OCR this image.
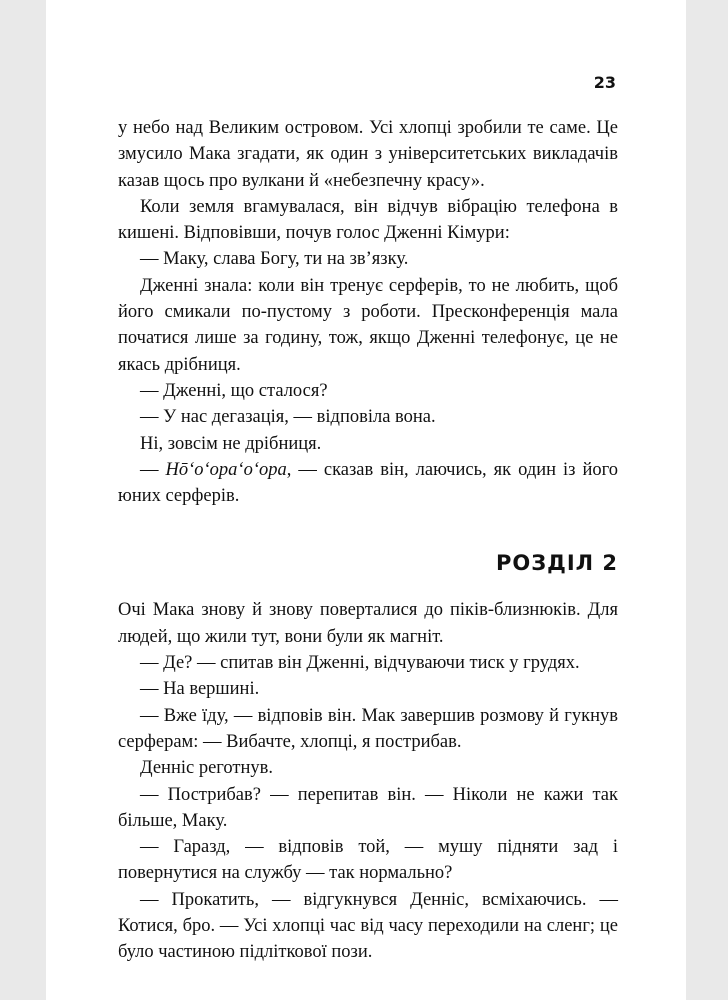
23

у небо над Великим островом. Усі хлопці зробили те саме. Це змусило Мака згадати, як один з університетських викладачів казав щось про вулкани й «небезпечну красу».

Коли земля вгамувалася, він відчув вібрацію телефона в кишені. Відповівши, почув голос Дженні Кімури:

— Маку, слава Богу, ти на зв’язку.

Дженні знала: коли він тренує серферів, то не любить, щоб його смикали по-пустому з роботи. Пресконференція мала початися лише за годину, тож, якщо Дженні телефонує, це не якась дрібниця.

— Дженні, що сталося?

— У нас дегазація, — відповіла вона.

Ні, зовсім не дрібниця.

— Hōʻoʻopaʻoʻopa, — сказав він, лаючись, як один із його юних серферів.

РОЗДІЛ 2

Очі Мака знову й знову поверталися до піків-близнюків. Для людей, що жили тут, вони були як магніт.

— Де? — спитав він Дженні, відчуваючи тиск у грудях.

— На вершині.

— Вже їду, — відповів він. Мак завершив розмову й гукнув серферам: — Вибачте, хлопці, я пострибав.

Денніс реготнув.

— Пострибав? — перепитав він. — Ніколи не кажи так більше, Маку.

— Гаразд, — відповів той, — мушу підняти зад і повернутися на службу — так нормально?

— Прокатить, — відгукнувся Денніс, всміхаючись. — Котися, бро. — Усі хлопці час від часу переходили на сленг; це було частиною підліткової пози.
